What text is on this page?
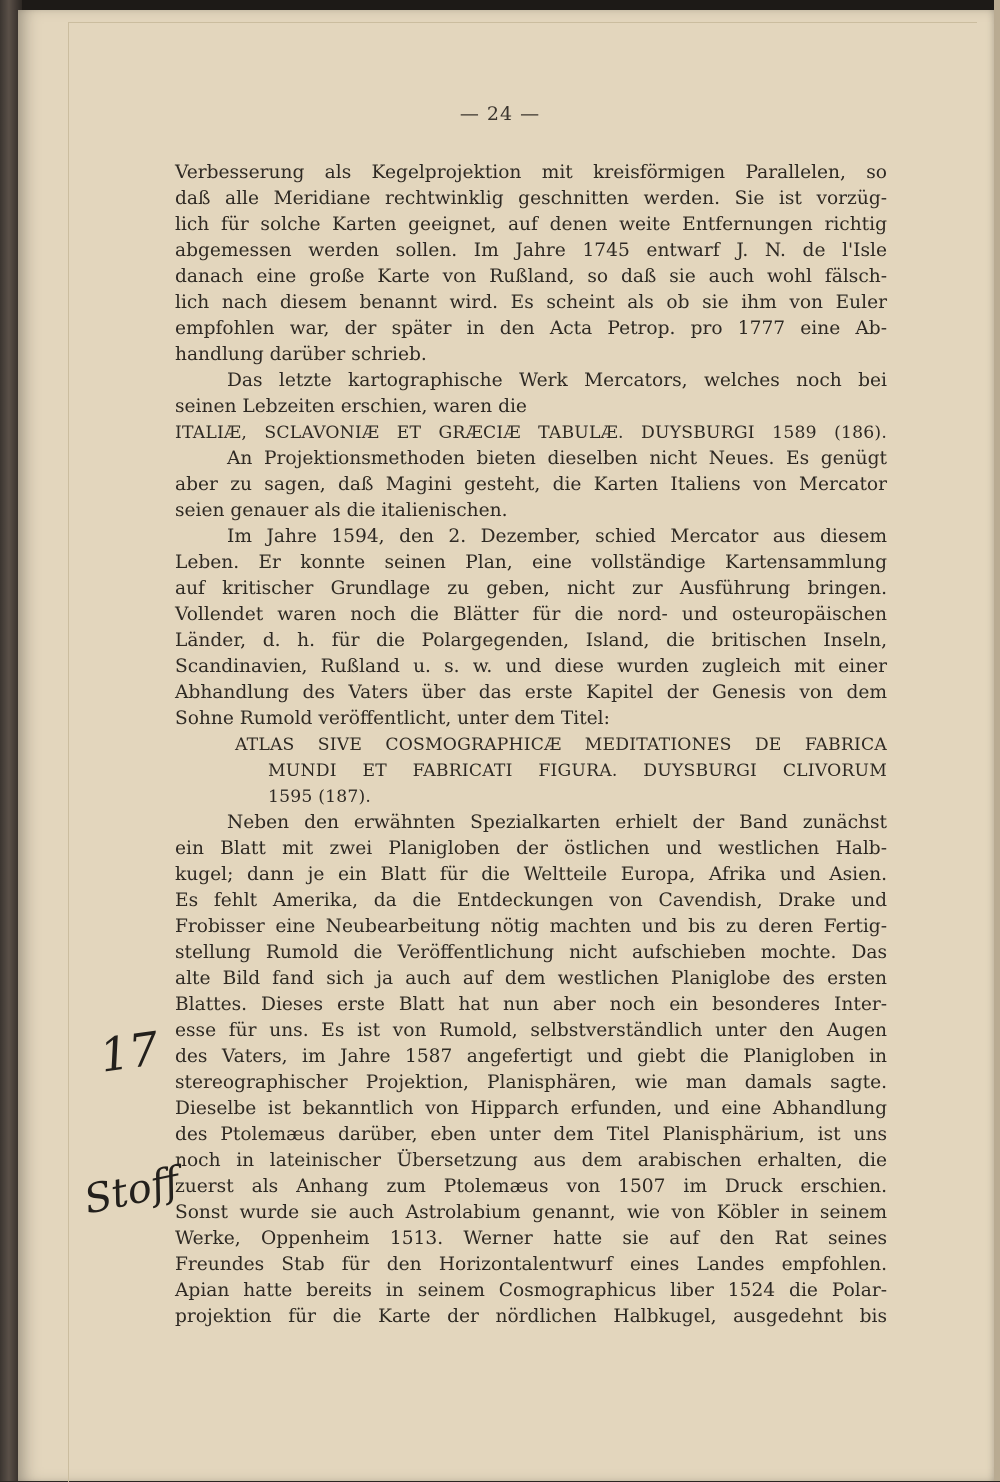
— 24 —
Verbesserung als Kegelprojektion mit kreisförmigen Parallelen, so
daß alle Meridiane rechtwinklig geschnitten werden. Sie ist vorzüg-
lich für solche Karten geeignet, auf denen weite Entfernungen richtig
abgemessen werden sollen. Im Jahre 1745 entwarf J. N. de l'Isle
danach eine große Karte von Rußland, so daß sie auch wohl fälsch-
lich nach diesem benannt wird. Es scheint als ob sie ihm von Euler
empfohlen war, der später in den Acta Petrop. pro 1777 eine Ab-
handlung darüber schrieb.
Das letzte kartographische Werk Mercators, welches noch bei
seinen Lebzeiten erschien, waren die
ITALIÆ, SCLAVONIÆ ET GRÆCIÆ TABULÆ. DUYSBURGI 1589 (186).
An Projektionsmethoden bieten dieselben nicht Neues. Es genügt
aber zu sagen, daß Magini gesteht, die Karten Italiens von Mercator
seien genauer als die italienischen.
Im Jahre 1594, den 2. Dezember, schied Mercator aus diesem
Leben. Er konnte seinen Plan, eine vollständige Kartensammlung
auf kritischer Grundlage zu geben, nicht zur Ausführung bringen.
Vollendet waren noch die Blätter für die nord- und osteuropäischen
Länder, d. h. für die Polargegenden, Island, die britischen Inseln,
Scandinavien, Rußland u. s. w. und diese wurden zugleich mit einer
Abhandlung des Vaters über das erste Kapitel der Genesis von dem
Sohne Rumold veröffentlicht, unter dem Titel:
ATLAS SIVE COSMOGRAPHICÆ MEDITATIONES DE FABRICA
MUNDI ET FABRICATI FIGURA. DUYSBURGI CLIVORUM
1595 (187).
Neben den erwähnten Spezialkarten erhielt der Band zunächst
ein Blatt mit zwei Planigloben der östlichen und westlichen Halb-
kugel; dann je ein Blatt für die Weltteile Europa, Afrika und Asien.
Es fehlt Amerika, da die Entdeckungen von Cavendish, Drake und
Frobisser eine Neubearbeitung nötig machten und bis zu deren Fertig-
stellung Rumold die Veröffentlichung nicht aufschieben mochte. Das
alte Bild fand sich ja auch auf dem westlichen Planiglobe des ersten
Blattes. Dieses erste Blatt hat nun aber noch ein besonderes Inter-
esse für uns. Es ist von Rumold, selbstverständlich unter den Augen
des Vaters, im Jahre 1587 angefertigt und giebt die Planigloben in
stereographischer Projektion, Planisphären, wie man damals sagte.
Dieselbe ist bekanntlich von Hipparch erfunden, und eine Abhandlung
des Ptolemæus darüber, eben unter dem Titel Planisphärium, ist uns
noch in lateinischer Übersetzung aus dem arabischen erhalten, die
zuerst als Anhang zum Ptolemæus von 1507 im Druck erschien.
Sonst wurde sie auch Astrolabium genannt, wie von Köbler in seinem
Werke, Oppenheim 1513. Werner hatte sie auf den Rat seines
Freundes Stab für den Horizontalentwurf eines Landes empfohlen.
Apian hatte bereits in seinem Cosmographicus liber 1524 die Polar-
projektion für die Karte der nördlichen Halbkugel, ausgedehnt bis
17
Stoff
